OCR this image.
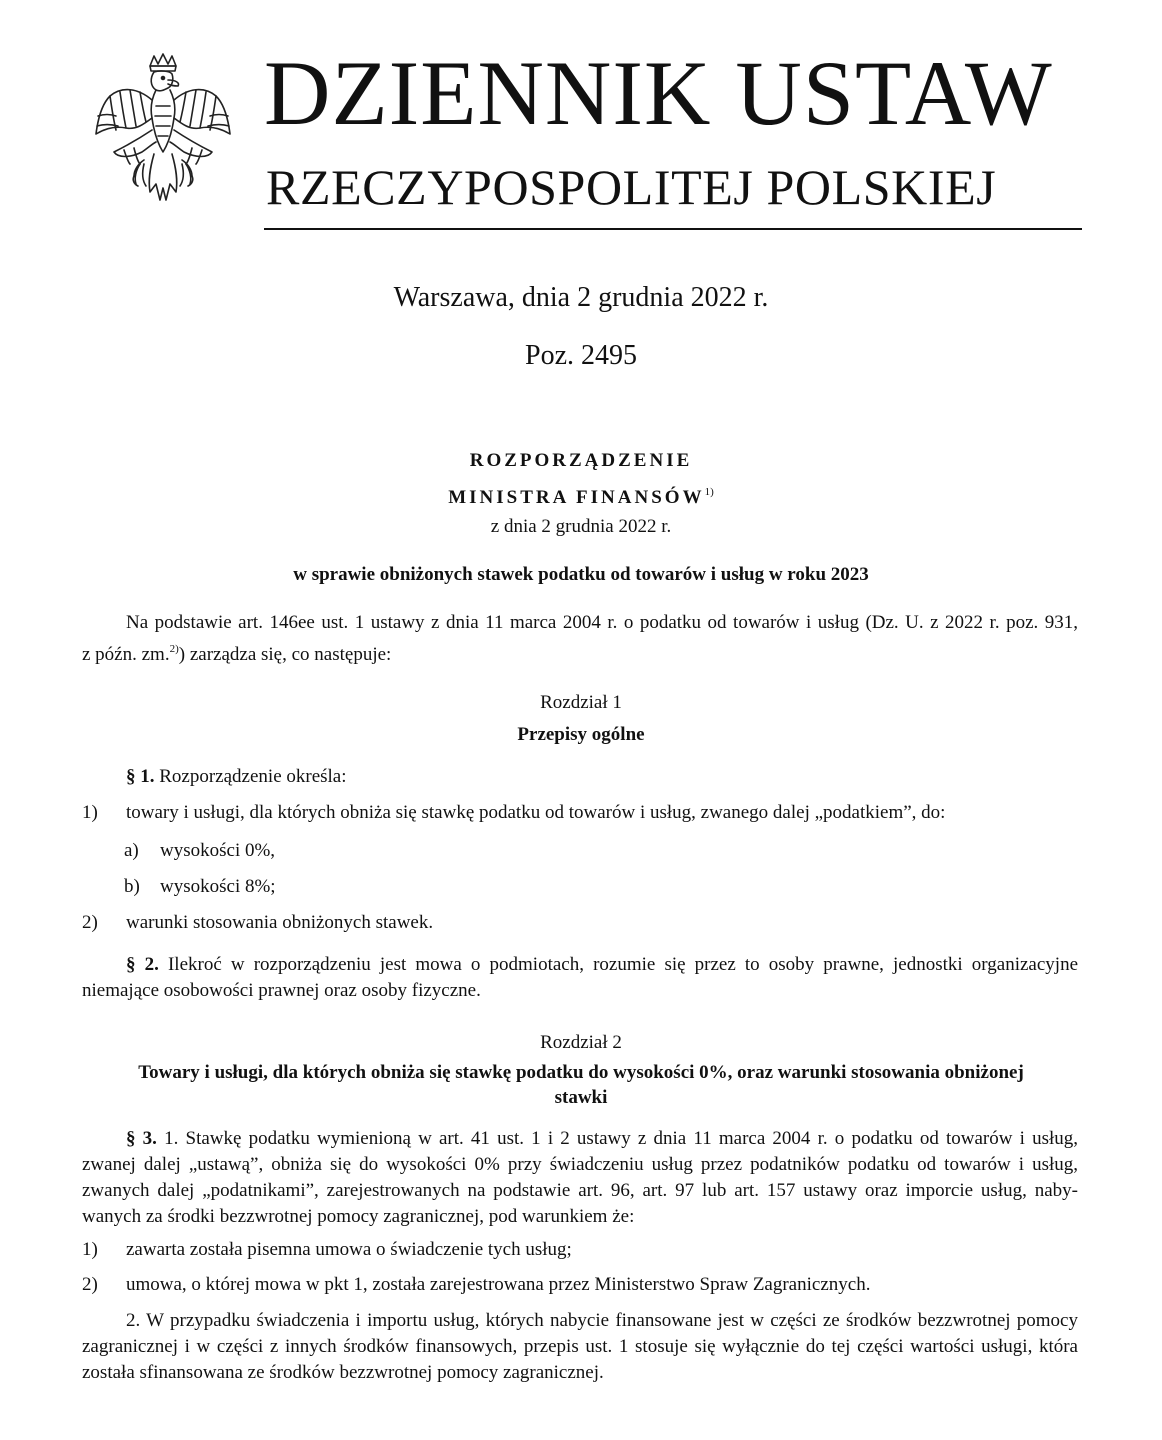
DZIENNIK USTAW
RZECZYPOSPOLITEJ POLSKIEJ
Warszawa, dnia 2 grudnia 2022 r.
Poz. 2495
ROZPORZĄDZENIE
MINISTRA FINANSÓW$^{1)}$
z dnia 2 grudnia 2022 r.
w sprawie obniżonych stawek podatku od towarów i usług w roku 2023
Na podstawie art. 146ee ust. 1 ustawy z dnia 11 marca 2004 r. o podatku od towarów i usług (Dz. U. z 2022 r. poz. 931,
z późn. zm.$^{2)}$) zarządza się, co następuje:
Rozdział 1
Przepisy ogólne
§ 1. Rozporządzenie określa:
1) towary i usługi, dla których obniża się stawkę podatku od towarów i usług, zwanego dalej „podatkiem”, do:
a) wysokości 0%,
b) wysokości 8%;
2) warunki stosowania obniżonych stawek.
§ 2. Ilekroć w rozporządzeniu jest mowa o podmiotach, rozumie się przez to osoby prawne, jednostki organizacyjne
niemające osobowości prawnej oraz osoby fizyczne.
Rozdział 2
Towary i usługi, dla których obniża się stawkę podatku do wysokości 0%, oraz warunki stosowania obniżonej
stawki
§ 3. 1. Stawkę podatku wymienioną w art. 41 ust. 1 i 2 ustawy z dnia 11 marca 2004 r. o podatku od towarów i usług,
zwanej dalej „ustawą”, obniża się do wysokości 0% przy świadczeniu usług przez podatników podatku od towarów i usług,
zwanych dalej „podatnikami”, zarejestrowanych na podstawie art. 96, art. 97 lub art. 157 ustawy oraz imporcie usług, naby-
wanych za środki bezzwrotnej pomocy zagranicznej, pod warunkiem że:
1) zawarta została pisemna umowa o świadczenie tych usług;
2) umowa, o której mowa w pkt 1, została zarejestrowana przez Ministerstwo Spraw Zagranicznych.
2. W przypadku świadczenia i importu usług, których nabycie finansowane jest w części ze środków bezzwrotnej pomocy
zagranicznej i w części z innych środków finansowych, przepis ust. 1 stosuje się wyłącznie do tej części wartości usługi, która
została sfinansowana ze środków bezzwrotnej pomocy zagranicznej.
